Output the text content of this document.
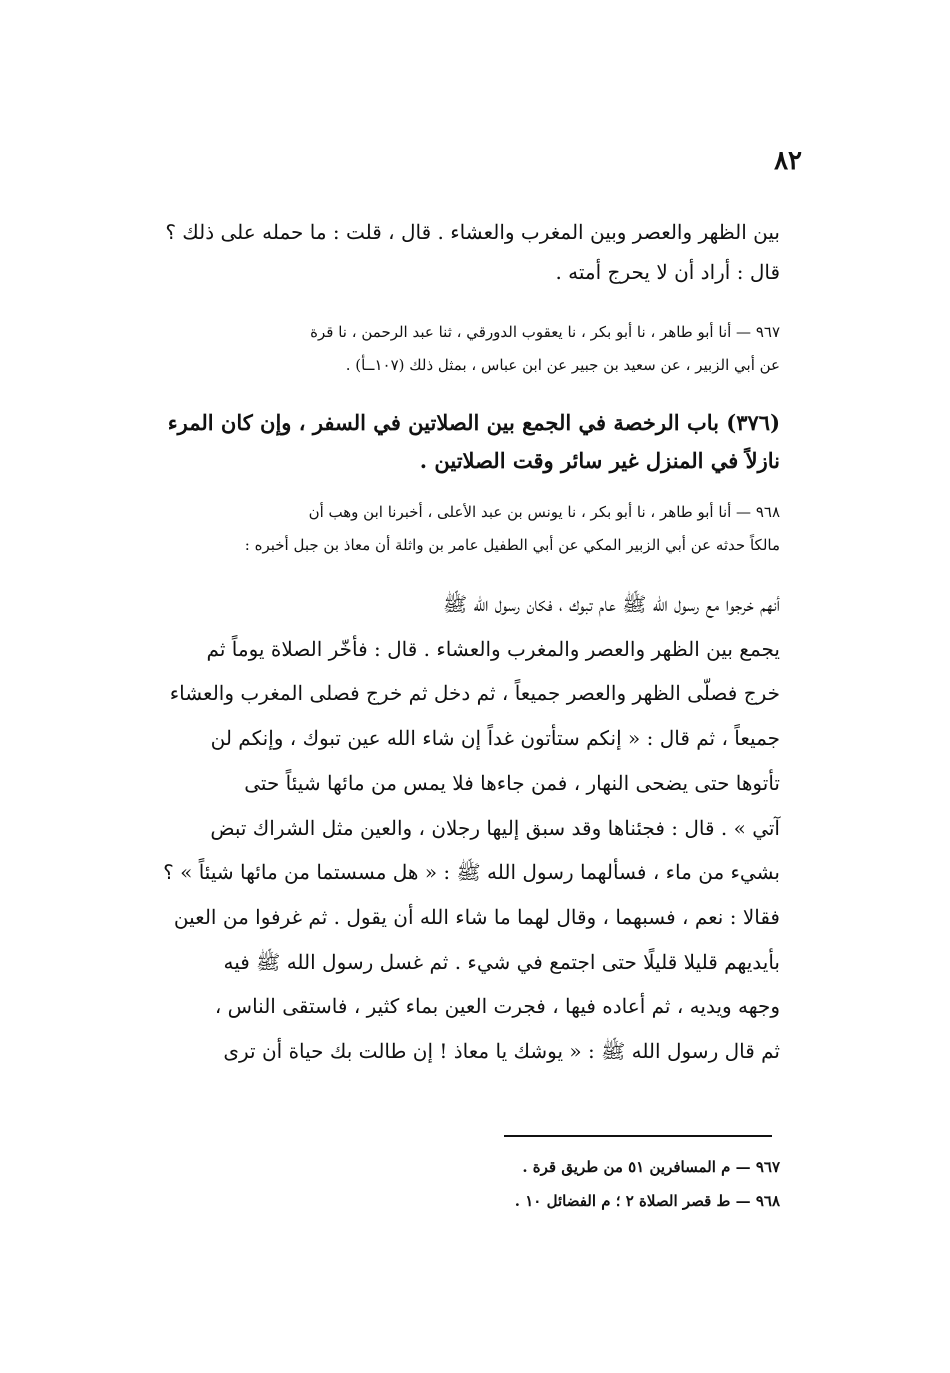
٨٢
بين الظهر والعصر وبين المغرب والعشاء . قال ، قلت : ما حمله على ذلك ؟
قال : أراد أن لا يحرج أمته .
٩٦٧ — أنا أبو طاهر ، نا أبو بكر ، نا يعقوب الدورقي ، ثنا عبد الرحمن ، نا قرة
عن أبي الزبير ، عن سعيد بن جبير عن ابن عباس ، بمثل ذلك (١٠٧ــأ) .
(٣٧٦) باب الرخصة في الجمع بين الصلاتين في السفر ، وإن كان المرء
نازلاً في المنزل غير سائر وقت الصلاتين .
٩٦٨ — أنا أبو طاهر ، نا أبو بكر ، نا يونس بن عبد الأعلى ، أخبرنا ابن وهب أن
مالكاً حدثه عن أبي الزبير المكي عن أبي الطفيل عامر بن واثلة أن معاذ بن جبل أخبره :
أنهم خرجوا مع رسول الله ﷺ عام تبوك ، فكان رسول الله ﷺ
يجمع بين الظهر والعصر والمغرب والعشاء . قال : فأخّر الصلاة يوماً ثم
خرج فصلّى الظهر والعصر جميعاً ، ثم دخل ثم خرج فصلى المغرب والعشاء
جميعاً ، ثم قال : « إنكم ستأتون غداً إن شاء الله عين تبوك ، وإنكم لن
تأتوها حتى يضحى النهار ، فمن جاءها فلا يمس من مائها شيئاً حتى
آتي » . قال : فجئناها وقد سبق إليها رجلان ، والعين مثل الشراك تبض
بشيء من ماء ، فسألهما رسول الله ﷺ : « هل مسستما من مائها شيئاً » ؟
فقالا : نعم ، فسبهما ، وقال لهما ما شاء الله أن يقول . ثم غرفوا من العين
بأيديهم قليلا قليلًا حتى اجتمع في شيء . ثم غسل رسول الله ﷺ فيه
وجهه ويديه ، ثم أعاده فيها ، فجرت العين بماء كثير ، فاستقى الناس ،
ثم قال رسول الله ﷺ : « يوشك يا معاذ ! إن طالت بك حياة أن ترى
٩٦٧ — م المسافرين ٥١ من طريق قرة .
٩٦٨ — ط قصر الصلاة ٢ ؛ م الفضائل ١٠ .
